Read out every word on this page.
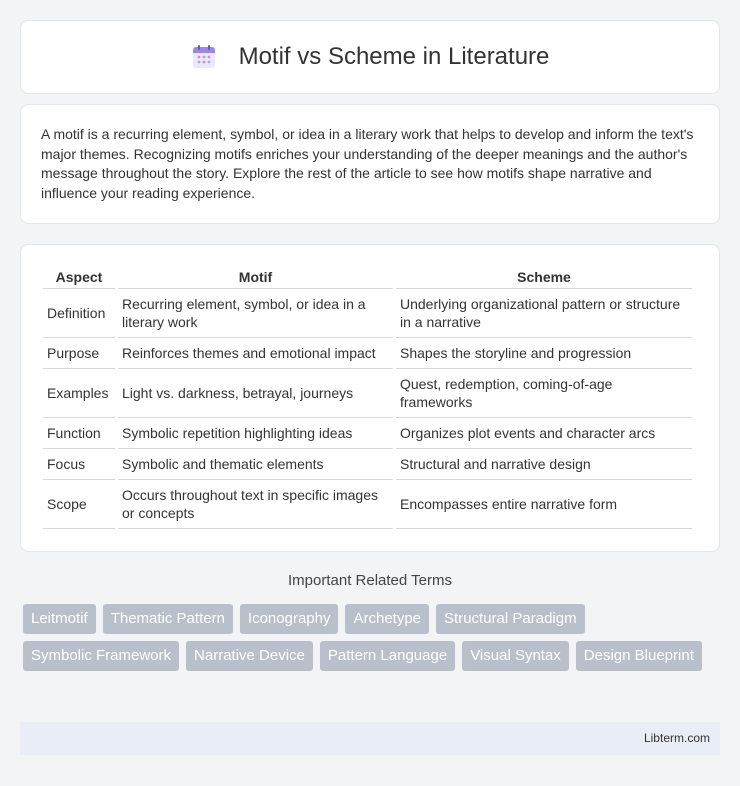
Motif vs Scheme in Literature

A motif is a recurring element, symbol, or idea in a literary work that helps to develop and inform the text's major themes. Recognizing motifs enriches your understanding of the deeper meanings and the author's message throughout the story. Explore the rest of the article to see how motifs shape narrative and influence your reading experience.

Aspect	Motif	Scheme
Definition	Recurring element, symbol, or idea in a literary work	Underlying organizational pattern or structure in a narrative
Purpose	Reinforces themes and emotional impact	Shapes the storyline and progression
Examples	Light vs. darkness, betrayal, journeys	Quest, redemption, coming-of-age frameworks
Function	Symbolic repetition highlighting ideas	Organizes plot events and character arcs
Focus	Symbolic and thematic elements	Structural and narrative design
Scope	Occurs throughout text in specific images or concepts	Encompasses entire narrative form
Important Related Terms
Leitmotif	Thematic Pattern	Iconography	Archetype	Structural Paradigm
Symbolic Framework	Narrative Device	Pattern Language	Visual Syntax	Design Blueprint
Libterm.com
